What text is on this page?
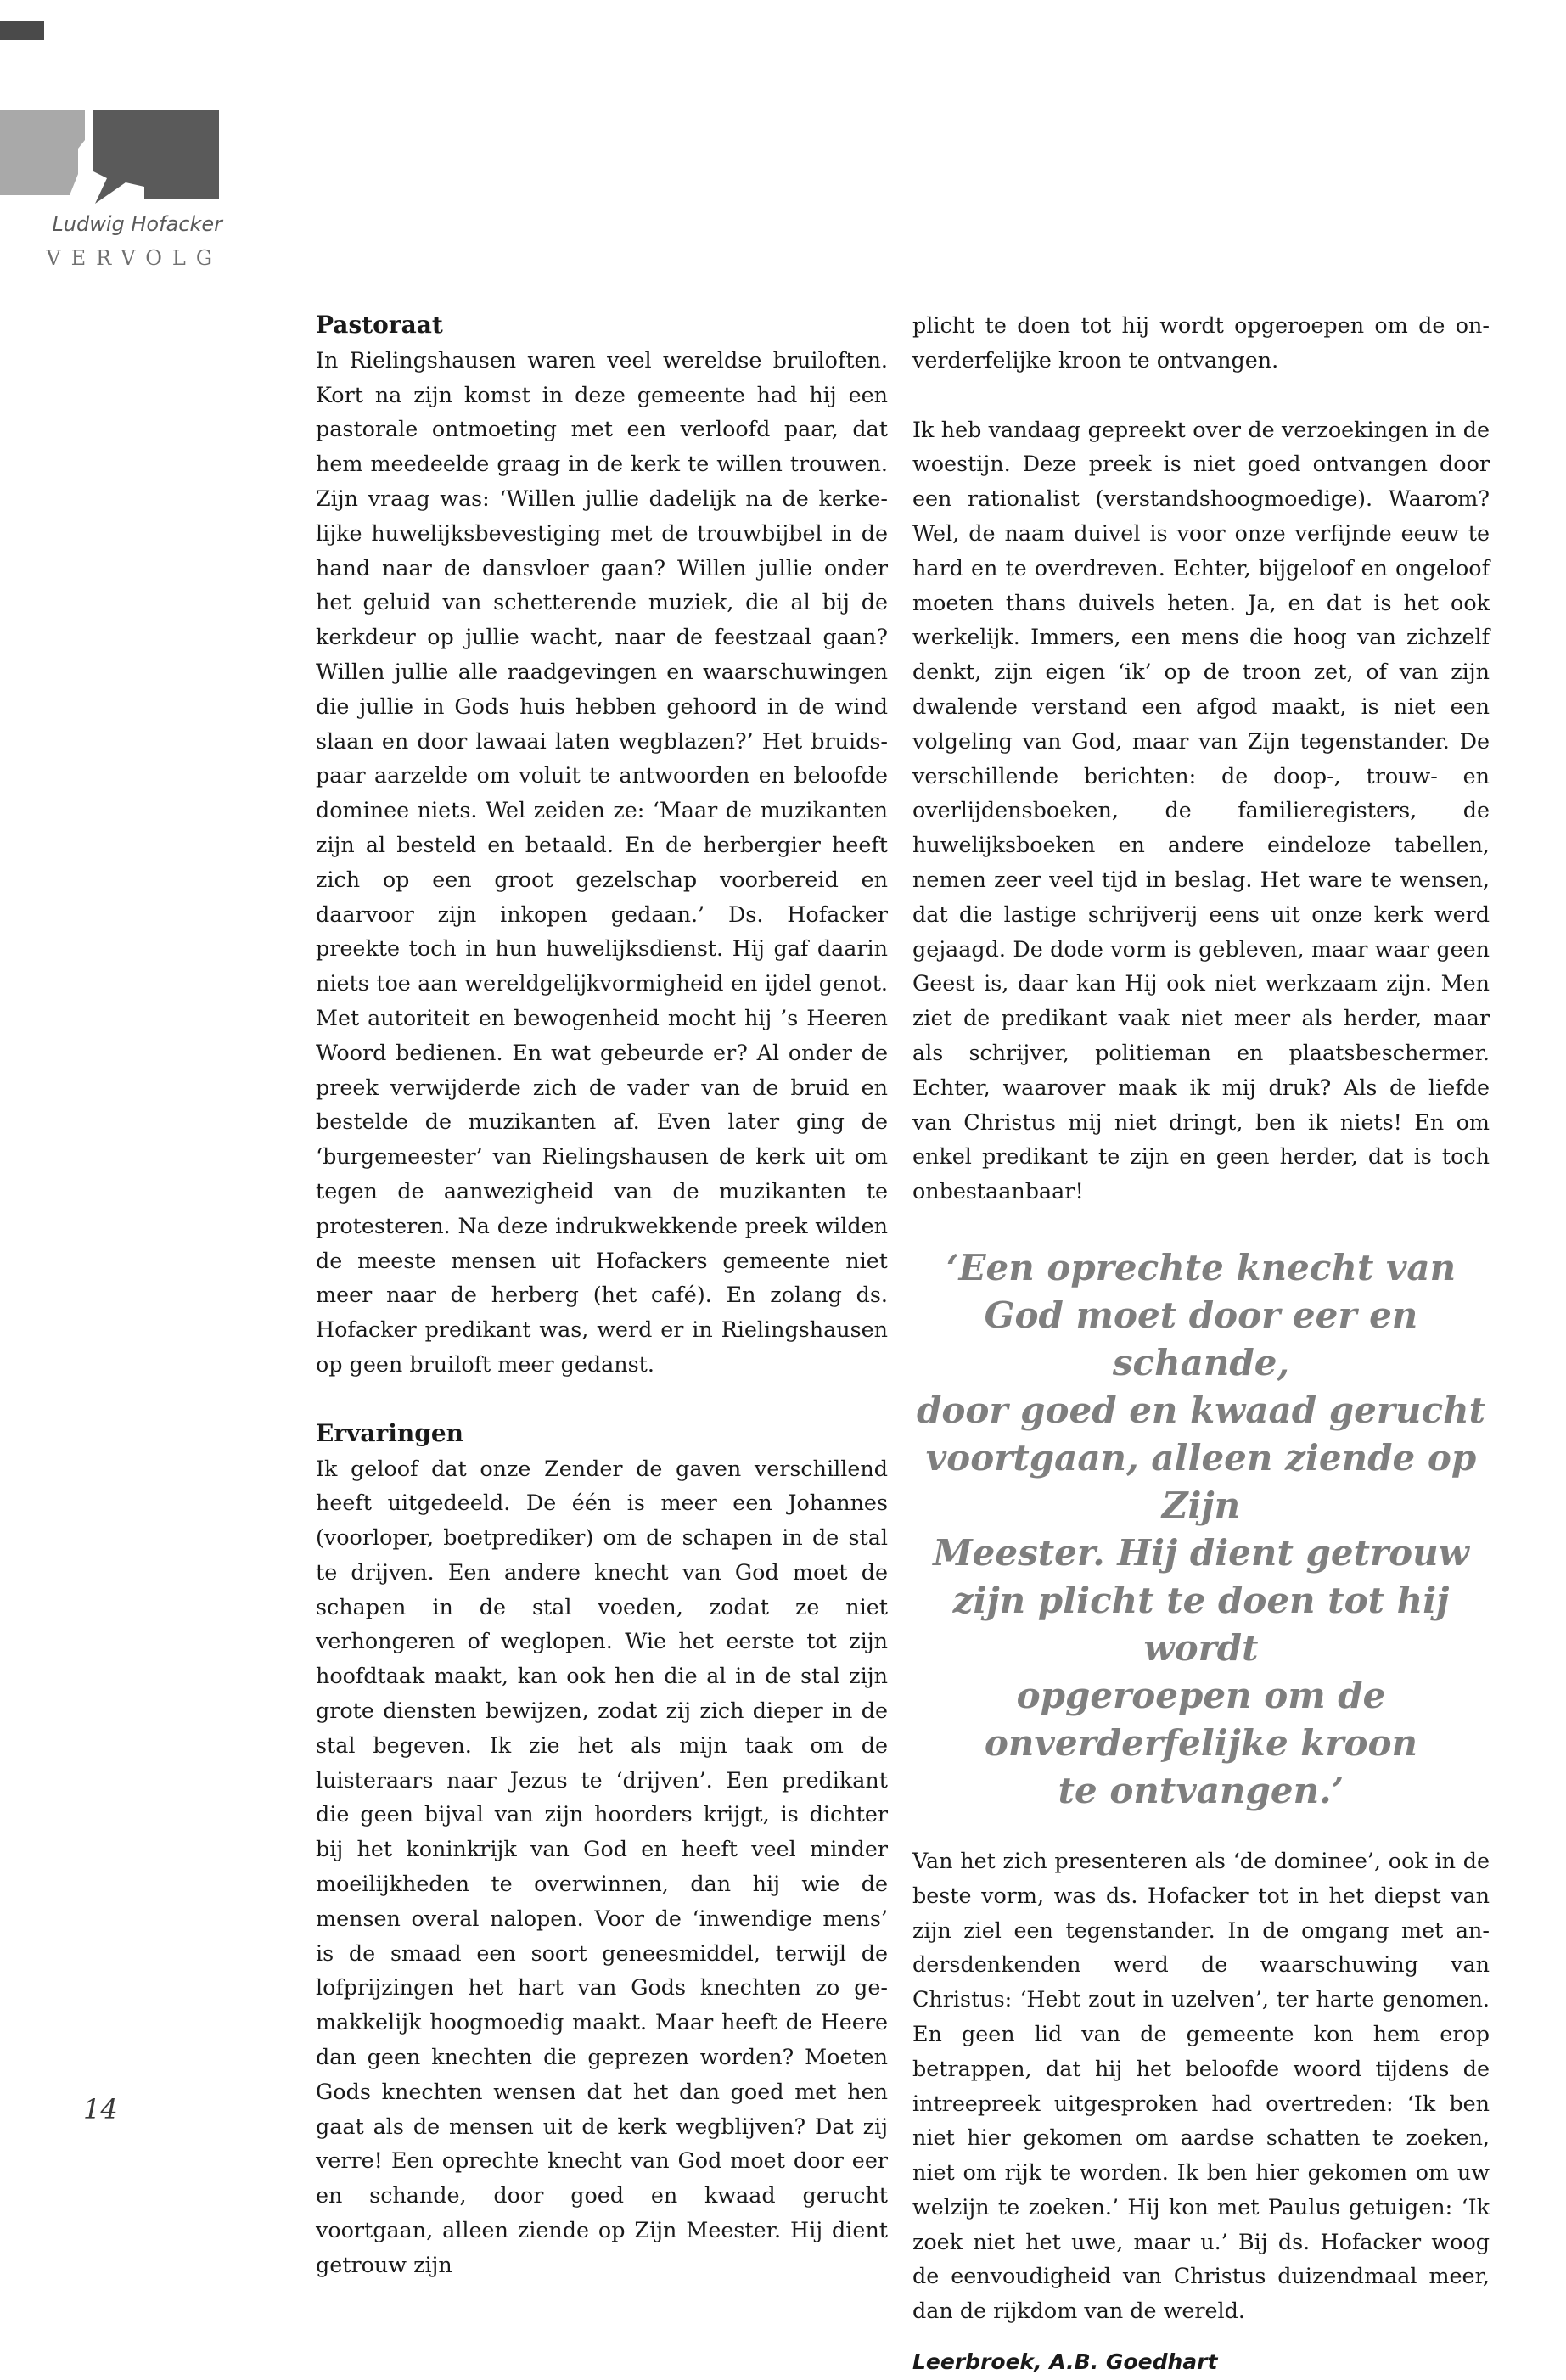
Ludwig Hofacker
VERVOLG
Pastoraat

In Rielingshausen waren veel wereldse bruiloften. Kort na zijn komst in deze gemeente had hij een pastorale ontmoeting met een verloofd paar, dat hem meedeelde graag in de kerk te willen trouwen. Zijn vraag was: ‘Willen jullie dadelijk na de kerkelijke huwelijksbevestiging met de trouwbijbel in de hand naar de dansvloer gaan? Willen jullie onder het geluid van schetterende muziek, die al bij de kerkdeur op jullie wacht, naar de feestzaal gaan? Willen jullie alle raadgevingen en waarschuwingen die jullie in Gods huis hebben gehoord in de wind slaan en door lawaai laten wegblazen?’ Het bruidspaar aarzelde om voluit te antwoorden en beloofde dominee niets. Wel zeiden ze: ‘Maar de muzikanten zijn al besteld en betaald. En de herbergier heeft zich op een groot gezelschap voorbereid en daarvoor zijn inkopen gedaan.’ Ds. Hofacker preekte toch in hun huwelijksdienst. Hij gaf daarin niets toe aan wereldgelijkvormigheid en ijdel genot. Met autoriteit en bewogenheid mocht hij ’s Heeren Woord bedienen. En wat gebeurde er? Al onder de preek verwijderde zich de vader van de bruid en bestelde de muzikanten af. Even later ging de ‘burgemeester’ van Rielingshausen de kerk uit om tegen de aanwezigheid van de muzikanten te protesteren. Na deze indrukwekkende preek wilden de meeste mensen uit Hofackers gemeente niet meer naar de herberg (het café). En zolang ds. Hofacker predikant was, werd er in Rielingshausen op geen bruiloft meer gedanst.

Ervaringen

Ik geloof dat onze Zender de gaven verschillend heeft uitgedeeld. De één is meer een Johannes (voorloper, boetprediker) om de schapen in de stal te drijven. Een andere knecht van God moet de schapen in de stal voeden, zodat ze niet verhongeren of weglopen. Wie het eerste tot zijn hoofdtaak maakt, kan ook hen die al in de stal zijn grote diensten bewijzen, zodat zij zich dieper in de stal begeven. Ik zie het als mijn taak om de luisteraars naar Jezus te ‘drijven’. Een predikant die geen bijval van zijn hoorders krijgt, is dichter bij het koninkrijk van God en heeft veel minder moeilijkheden te overwinnen, dan hij wie de mensen overal nalopen. Voor de ‘inwendige mens’ is de smaad een soort geneesmiddel, terwijl de lofprijzingen het hart van Gods knechten zo gemakkelijk hoogmoedig maakt. Maar heeft de Heere dan geen knechten die geprezen worden? Moeten Gods knechten wensen dat het dan goed met hen gaat als de mensen uit de kerk wegblijven? Dat zij verre! Een oprechte knecht van God moet door eer en schande, door goed en kwaad gerucht voortgaan, alleen ziende op Zijn Meester. Hij dient getrouw zijn

plicht te doen tot hij wordt opgeroepen om de onverderfelijke kroon te ontvangen.

Ik heb vandaag gepreekt over de verzoekingen in de woestijn. Deze preek is niet goed ontvangen door een rationalist (verstandshoogmoedige). Waarom? Wel, de naam duivel is voor onze verfijnde eeuw te hard en te overdreven. Echter, bijgeloof en ongeloof moeten thans duivels heten. Ja, en dat is het ook werkelijk. Immers, een mens die hoog van zichzelf denkt, zijn eigen ‘ik’ op de troon zet, of van zijn dwalende verstand een afgod maakt, is niet een volgeling van God, maar van Zijn tegenstander. De verschillende berichten: de doop-, trouw- en overlijdensboeken, de familieregisters, de huwelijksboeken en andere eindeloze tabellen, nemen zeer veel tijd in beslag. Het ware te wensen, dat die lastige schrijverij eens uit onze kerk werd gejaagd. De dode vorm is gebleven, maar waar geen Geest is, daar kan Hij ook niet werkzaam zijn. Men ziet de predikant vaak niet meer als herder, maar als schrijver, politieman en plaatsbeschermer. Echter, waarover maak ik mij druk? Als de liefde van Christus mij niet dringt, ben ik niets! En om enkel predikant te zijn en geen herder, dat is toch onbestaanbaar!

‘Een oprechte knecht van
God moet door eer en schande,
door goed en kwaad gerucht
voortgaan, alleen ziende op Zijn
Meester. Hij dient getrouw
zijn plicht te doen tot hij wordt
opgeroepen om de
onverderfelijke kroon
te ontvangen.’

Van het zich presenteren als ‘de dominee’, ook in de beste vorm, was ds. Hofacker tot in het diepst van zijn ziel een tegenstander. In de omgang met andersdenkenden werd de waarschuwing van Christus: ‘Hebt zout in uzelven’, ter harte genomen. En geen lid van de gemeente kon hem erop betrappen, dat hij het beloofde woord tijdens de intreepreek uitgesproken had overtreden: ‘Ik ben niet hier gekomen om aardse schatten te zoeken, niet om rijk te worden. Ik ben hier gekomen om uw welzijn te zoeken.’ Hij kon met Paulus getuigen: ‘Ik zoek niet het uwe, maar u.’ Bij ds. Hofacker woog de eenvoudigheid van Christus duizendmaal meer, dan de rijkdom van de wereld.

Leerbroek, A.B. Goedhart
14
